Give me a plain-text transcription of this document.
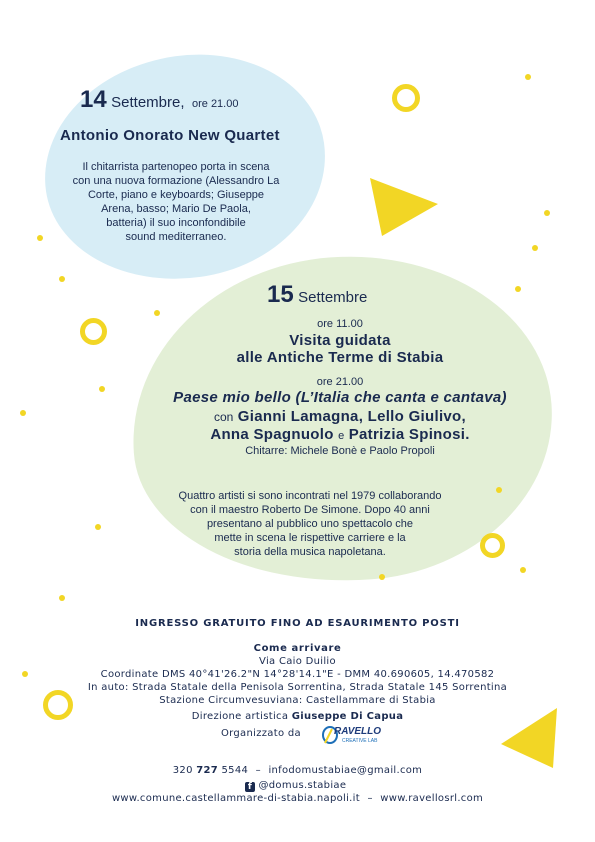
14 Settembre, ore 21.00
Antonio Onorato New Quartet
Il chitarrista partenopeo porta in scena
con una nuova formazione (Alessandro La
Corte, piano e keyboards; Giuseppe
Arena, basso; Mario De Paola,
batteria) il suo inconfondibile
sound mediterraneo.
15 Settembre
ore 11.00
Visita guidata
alle Antiche Terme di Stabia
ore 21.00
Paese mio bello (L’Italia che canta e cantava)
con Gianni Lamagna, Lello Giulivo,
Anna Spagnuolo e Patrizia Spinosi.
Chitarre: Michele Bonè e Paolo Propoli
Quattro artisti si sono incontrati nel 1979 collaborando
con il maestro Roberto De Simone. Dopo 40 anni
presentano al pubblico uno spettacolo che
mette in scena le rispettive carriere e la
storia della musica napoletana.
INGRESSO GRATUITO FINO AD ESAURIMENTO POSTI
Come arrivare
Via Caio Duilio
Coordinate DMS 40°41'26.2"N 14°28'14.1"E - DMM 40.690605, 14.470582
In auto: Strada Statale della Penisola Sorrentina, Strada Statale 145 Sorrentina
Stazione Circumvesuviana: Castellammare di Stabia
Direzione artistica Giuseppe Di Capua
Organizzato da	RAVELLO
CREATIVE LAB
320 727 5544 – infodomustabiae@gmail.com
f @domus.stabiae
www.comune.castellammare-di-stabia.napoli.it – www.ravellosrl.com
